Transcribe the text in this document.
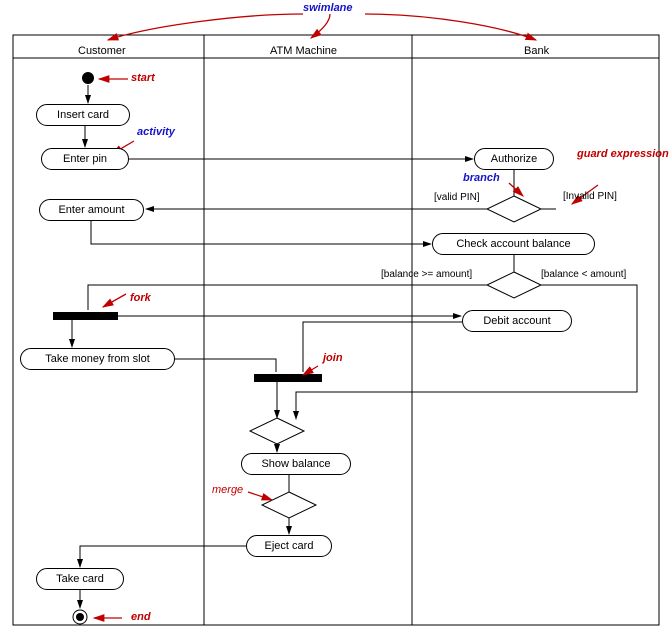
Customer	ATM Machine	Bank
Insert card
Enter pin
Enter amount
Authorize
Check account balance
Debit account
Take money from slot
Show balance
Eject card
Take card
[valid PIN]	[Invalid PIN]
[balance >= amount]	[balance < amount]
swimlane
start
activity
branch
guard expression
fork
join
merge
end
